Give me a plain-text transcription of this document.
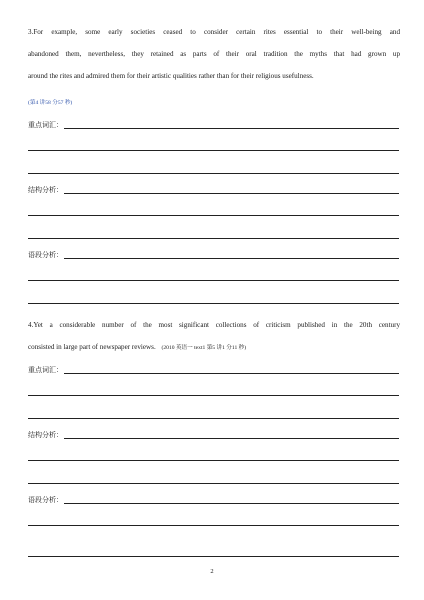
3.For example, some early societies ceased to consider certain rites essential to their well-being and
abandoned them, nevertheless, they retained as parts of their oral tradition the myths that had grown up
around the rites and admired them for their artistic qualities rather than for their religious usefulness.
(第4 讲58 分57 秒)
重点词汇：
结构分析：
语段分析：
4.Yet a considerable number of the most significant collections of criticism published in the 20th century
consisted in large part of newspaper reviews. (2010 英语一 text1 第5 讲1 分11 秒)
重点词汇：
结构分析：
语段分析：
2
